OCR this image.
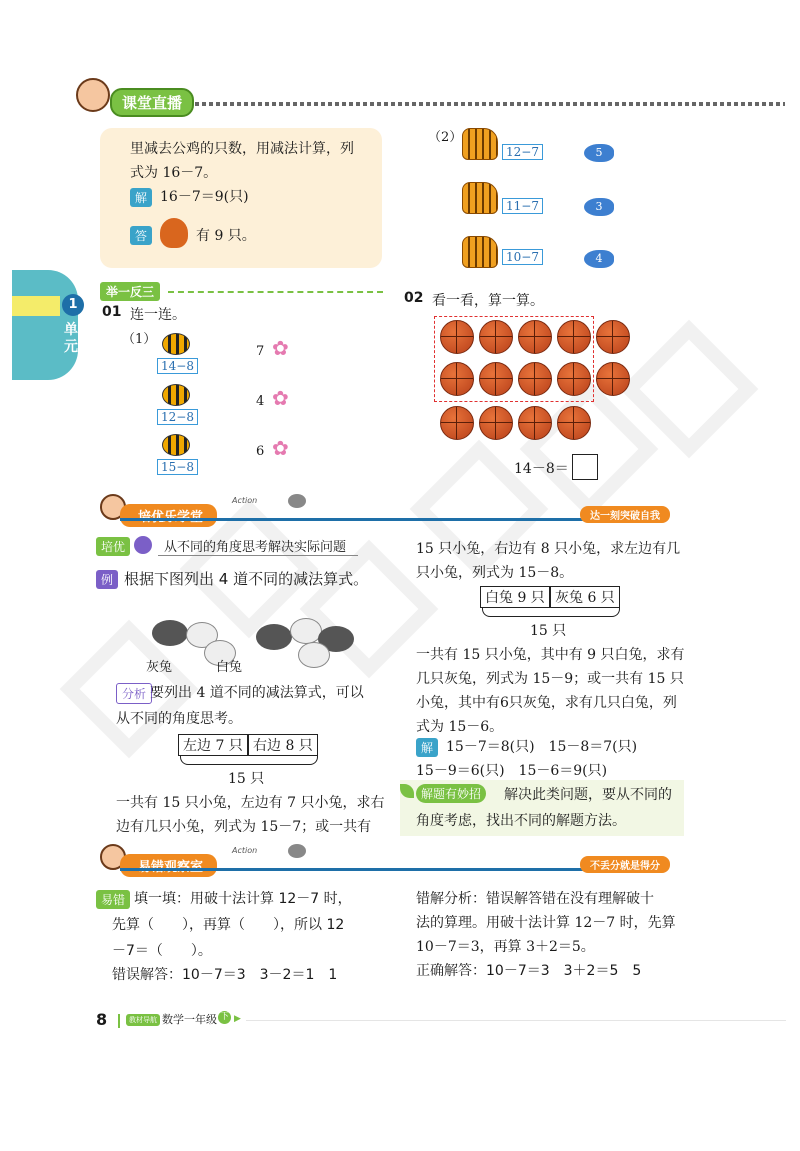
课堂直播
1
单元
里减去公鸡的只数，用减法计算，列
式为 16－7。
解 16－7＝9(只)
答	有 9 只。
举一反三
01 连一连。
（1）
14−8
12−8
15−8
7 ✿
4 ✿
6 ✿
（2）
12−7	5
11−7	3
10−7	4
02 看一看，算一算。
14－8＝
Action
达一刻突破自我
培优	从不同的角度思考解决实际问题
例 根据下图列出 4 道不同的减法算式。
灰兔	白兔
分析 要列出 4 道不同的减法算式，可以
从不同的角度思考。
左边 7 只 右边 8 只
15 只
一共有 15 只小兔，左边有 7 只小兔，求右
边有几只小兔，列式为 15－7；或一共有
15 只小兔，右边有 8 只小兔，求左边有几
只小兔，列式为 15－8。
白兔 9 只 灰兔 6 只
15 只
一共有 15 只小兔，其中有 9 只白兔，求有
几只灰兔，列式为 15－9；或一共有 15 只
小兔，其中有6只灰兔，求有几只白兔，列
式为 15－6。
解 15－7＝8(只)　15－8＝7(只)
15－9＝6(只)　15－6＝9(只)
解题有妙招	解决此类问题，要从不同的
角度考虑，找出不同的解题方法。
Action
不丢分就是得分
易错 填一填：用破十法计算 12－7 时，
先算（　　），再算（　　），所以 12
－7＝（　　）。
错误解答：10－7＝3　3－2＝1　1
错解分析：错误解答错在没有理解破十
法的算理。用破十法计算 12－7 时，先算
10－7＝3，再算 3＋2＝5。
正确解答：10－7＝3　3＋2＝5　5
8	教材导航 数学一年级 下 ▶
